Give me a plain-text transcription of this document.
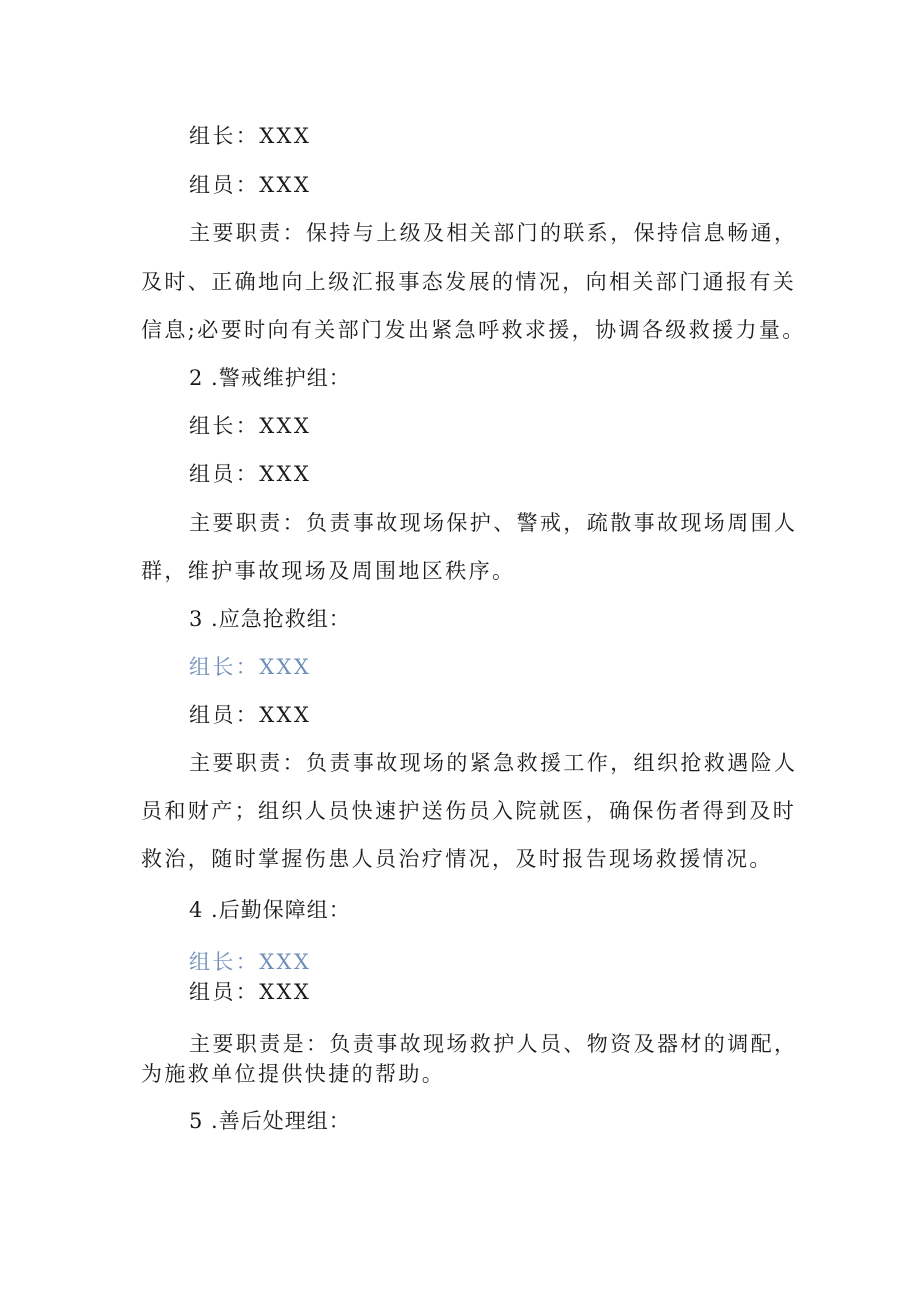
组长：XXX

组员：XXX

主要职责：保持与上级及相关部门的联系，保持信息畅通，

及时、正确地向上级汇报事态发展的情况，向相关部门通报有关

信息;必要时向有关部门发出紧急呼救求援，协调各级救援力量。

2 .警戒维护组：

组长：XXX

组员：XXX

主要职责：负责事故现场保护、警戒，疏散事故现场周围人

群，维护事故现场及周围地区秩序。

3 .应急抢救组：

组长：XXX

组员：XXX

主要职责：负责事故现场的紧急救援工作，组织抢救遇险人

员和财产；组织人员快速护送伤员入院就医，确保伤者得到及时

救治，随时掌握伤患人员治疗情况，及时报告现场救援情况。

4 .后勤保障组：

组长：XXX

组员：XXX

主要职责是：负责事故现场救护人员、物资及器材的调配，

为施救单位提供快捷的帮助。

5 .善后处理组：
